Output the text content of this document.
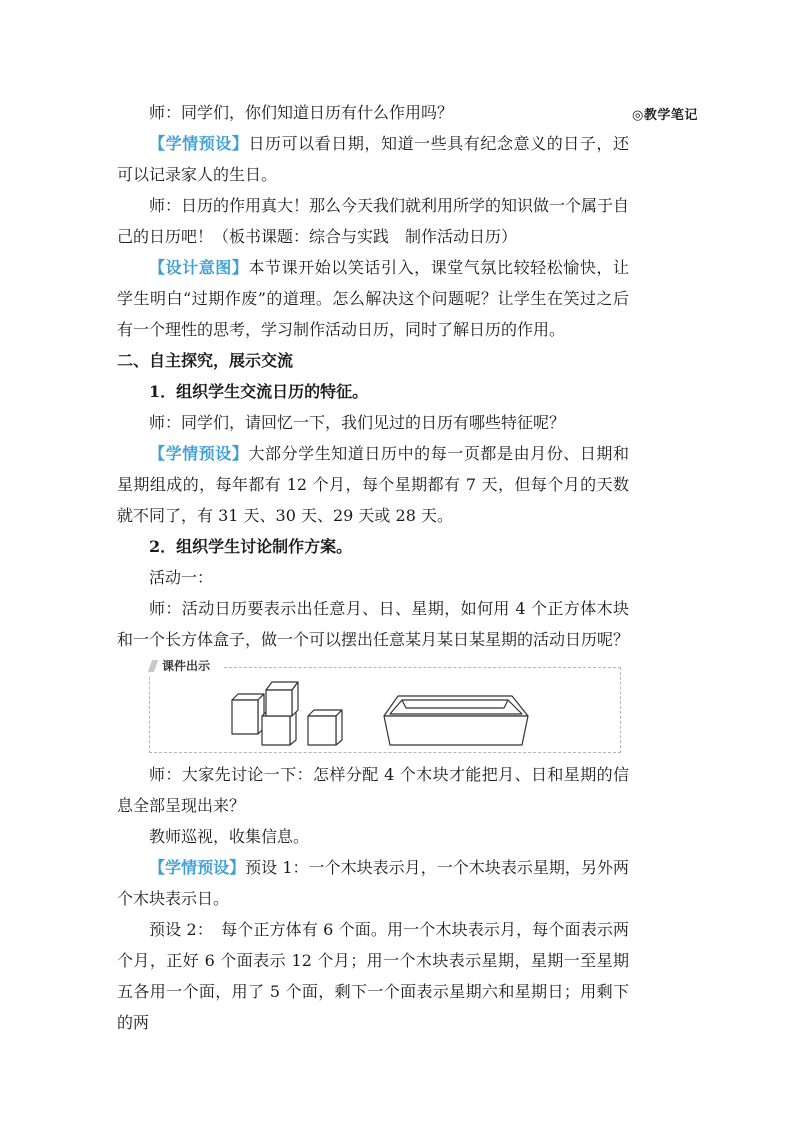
◎教学笔记

师：同学们，你们知道日历有什么作用吗？

【学情预设】日历可以看日期，知道一些具有纪念意义的日子，还可以记录家人的生日。

师：日历的作用真大！那么今天我们就利用所学的知识做一个属于自己的日历吧！（板书课题：综合与实践　制作活动日历）

【设计意图】本节课开始以笑话引入，课堂气氛比较轻松愉快，让学生明白“过期作废”的道理。怎么解决这个问题呢？让学生在笑过之后有一个理性的思考，学习制作活动日历，同时了解日历的作用。

二、自主探究，展示交流

1．组织学生交流日历的特征。

师：同学们，请回忆一下，我们见过的日历有哪些特征呢？

【学情预设】大部分学生知道日历中的每一页都是由月份、日期和星期组成的，每年都有 12 个月，每个星期都有 7 天，但每个月的天数就不同了，有 31 天、30 天、29 天或 28 天。

2．组织学生讨论制作方案。

活动一：

师：活动日历要表示出任意月、日、星期，如何用 4 个正方体木块和一个长方体盒子，做一个可以摆出任意某月某日某星期的活动日历呢？

课件出示

师：大家先讨论一下：怎样分配 4 个木块才能把月、日和星期的信息全部呈现出来？

教师巡视，收集信息。

【学情预设】预设 1：一个木块表示月，一个木块表示星期，另外两个木块表示日。

预设 2：　每个正方体有 6 个面。用一个木块表示月，每个面表示两个月，正好 6 个面表示 12 个月；用一个木块表示星期，星期一至星期五各用一个面，用了 5 个面，剩下一个面表示星期六和星期日；用剩下的两
